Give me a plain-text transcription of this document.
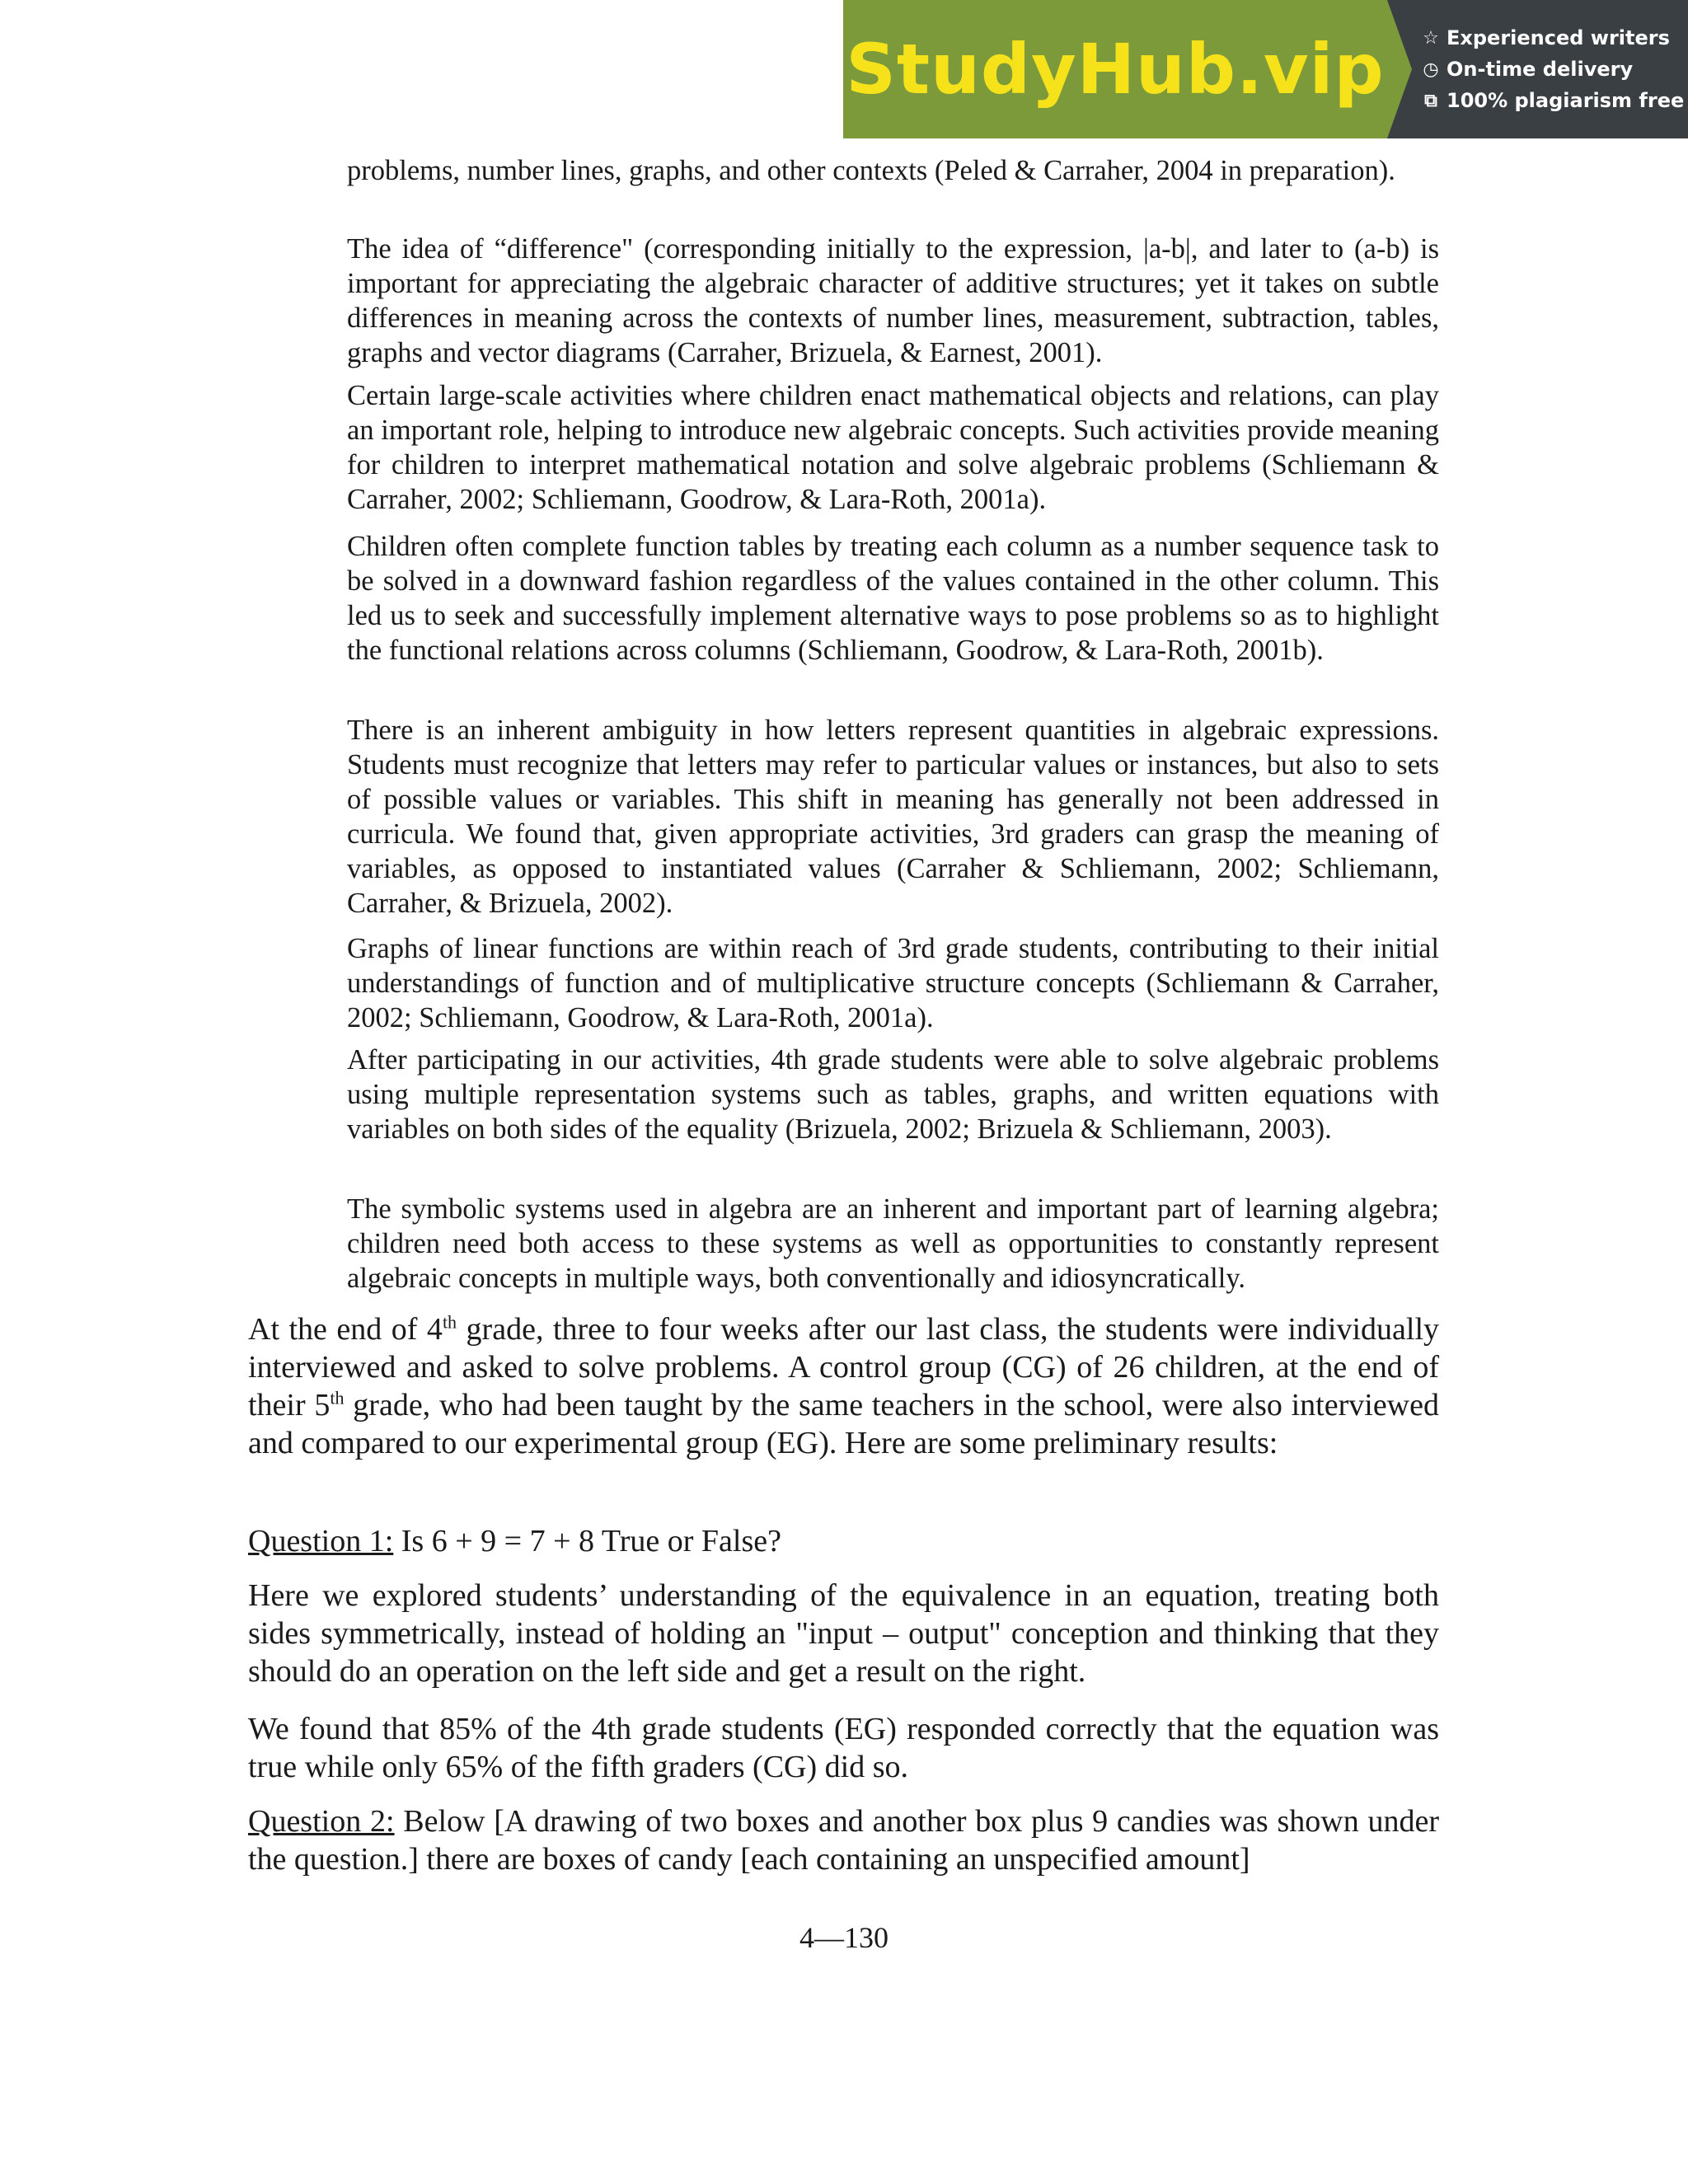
StudyHub.vip ☆ Experienced writers
◷ On-time delivery
⧉ 100% plagiarism free

problems, number lines, graphs, and other contexts (Peled & Carraher, 2004 in preparation).

The idea of “difference" (corresponding initially to the expression, |a-b|, and later to (a-b) is important for appreciating the algebraic character of additive structures; yet it takes on subtle differences in meaning across the contexts of number lines, measurement, subtraction, tables, graphs and vector diagrams (Carraher, Brizuela, & Earnest, 2001).

Certain large-scale activities where children enact mathematical objects and relations, can play an important role, helping to introduce new algebraic concepts. Such activities provide meaning for children to interpret mathematical notation and solve algebraic problems (Schliemann & Carraher, 2002; Schliemann, Goodrow, & Lara-Roth, 2001a).

Children often complete function tables by treating each column as a number sequence task to be solved in a downward fashion regardless of the values contained in the other column. This led us to seek and successfully implement alternative ways to pose problems so as to highlight the functional relations across columns (Schliemann, Goodrow, & Lara-Roth, 2001b).

There is an inherent ambiguity in how letters represent quantities in algebraic expressions. Students must recognize that letters may refer to particular values or instances, but also to sets of possible values or variables. This shift in meaning has generally not been addressed in curricula. We found that, given appropriate activities, 3rd graders can grasp the meaning of variables, as opposed to instantiated values (Carraher & Schliemann, 2002; Schliemann, Carraher, & Brizuela, 2002).

Graphs of linear functions are within reach of 3rd grade students, contributing to their initial understandings of function and of multiplicative structure concepts (Schliemann & Carraher, 2002; Schliemann, Goodrow, & Lara-Roth, 2001a).

After participating in our activities, 4th grade students were able to solve algebraic problems using multiple representation systems such as tables, graphs, and written equations with variables on both sides of the equality (Brizuela, 2002; Brizuela & Schliemann, 2003).

The symbolic systems used in algebra are an inherent and important part of learning algebra; children need both access to these systems as well as opportunities to constantly represent algebraic concepts in multiple ways, both conventionally and idiosyncratically.

At the end of 4th grade, three to four weeks after our last class, the students were individually interviewed and asked to solve problems. A control group (CG) of 26 children, at the end of their 5th grade, who had been taught by the same teachers in the school, were also interviewed and compared to our experimental group (EG). Here are some preliminary results:

Question 1: Is 6 + 9 = 7 + 8 True or False?

Here we explored students’ understanding of the equivalence in an equation, treating both sides symmetrically, instead of holding an "input – output" conception and thinking that they should do an operation on the left side and get a result on the right.

We found that 85% of the 4th grade students (EG) responded correctly that the equation was true while only 65% of the fifth graders (CG) did so.

Question 2: Below [A drawing of two boxes and another box plus 9 candies was shown under the question.] there are boxes of candy [each containing an unspecified amount]

4—130
